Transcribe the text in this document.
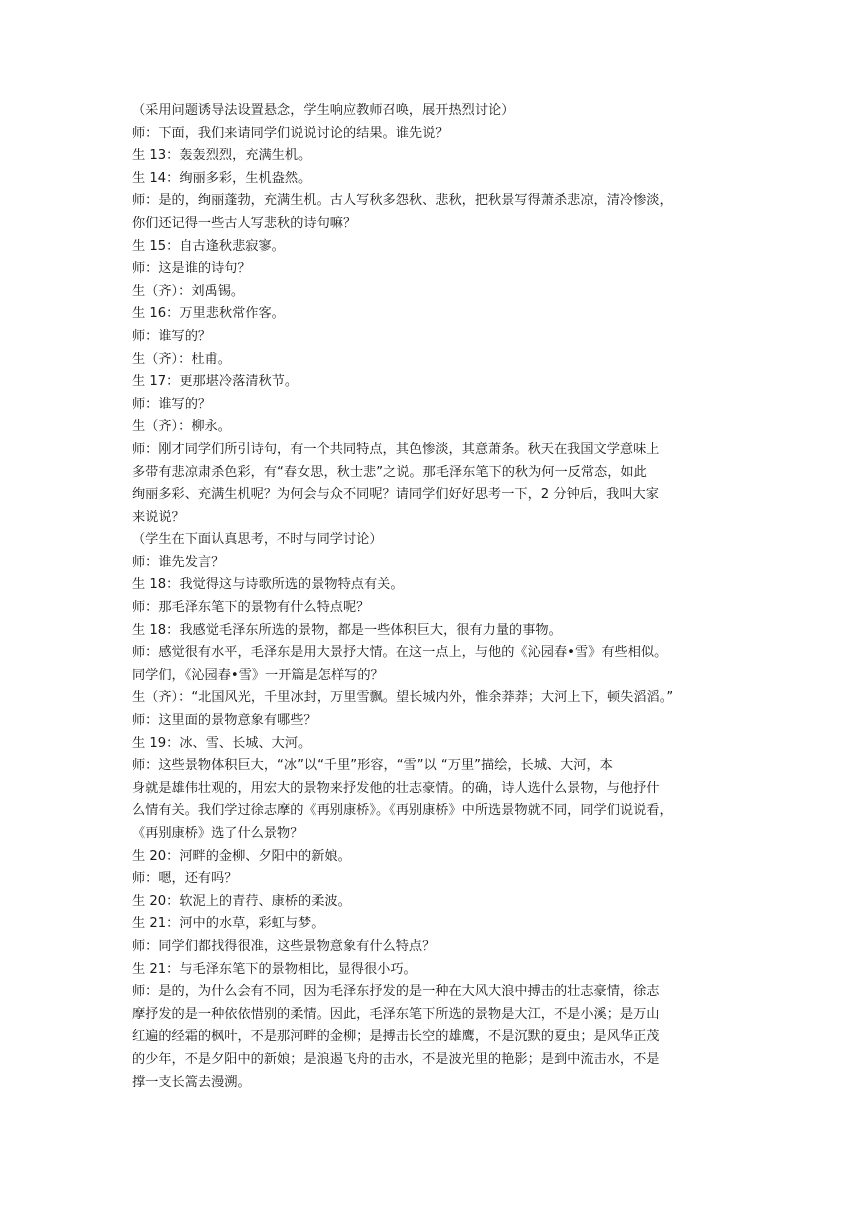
（采用问题诱导法设置悬念，学生响应教师召唤，展开热烈讨论）
师：下面，我们来请同学们说说讨论的结果。谁先说？
生 13：轰轰烈烈，充满生机。
生 14：绚丽多彩，生机盎然。
师：是的，绚丽蓬勃，充满生机。古人写秋多怨秋、悲秋，把秋景写得萧杀悲凉，清冷惨淡，
你们还记得一些古人写悲秋的诗句嘛？
生 15：自古逢秋悲寂寥。
师：这是谁的诗句？
生（齐）：刘禹锡。
生 16：万里悲秋常作客。
师：谁写的？
生（齐）：杜甫。
生 17：更那堪冷落清秋节。
师：谁写的？
生（齐）：柳永。
师：刚才同学们所引诗句，有一个共同特点，其色惨淡，其意萧条。秋天在我国文学意味上
多带有悲凉肃杀色彩，有“春女思，秋士悲”之说。那毛泽东笔下的秋为何一反常态，如此
绚丽多彩、充满生机呢？为何会与众不同呢？请同学们好好思考一下，2 分钟后，我叫大家
来说说？
（学生在下面认真思考，不时与同学讨论）
师：谁先发言？
生 18：我觉得这与诗歌所选的景物特点有关。
师：那毛泽东笔下的景物有什么特点呢？
生 18：我感觉毛泽东所选的景物，都是一些体积巨大，很有力量的事物。
师：感觉很有水平，毛泽东是用大景抒大情。在这一点上，与他的《沁园春•雪》有些相似。
同学们，《沁园春•雪》一开篇是怎样写的？
生（齐）：“北国风光，千里冰封，万里雪飘。望长城内外，惟余莽莽；大河上下，顿失滔滔。”
师：这里面的景物意象有哪些？
生 19：冰、雪、长城、大河。
师：这些景物体积巨大，“冰”以“千里”形容，“雪”以 “万里”描绘，长城、大河，本
身就是雄伟壮观的，用宏大的景物来抒发他的壮志豪情。的确，诗人选什么景物，与他抒什
么情有关。我们学过徐志摩的《再别康桥》。《再别康桥》中所选景物就不同，同学们说说看，
《再别康桥》选了什么景物？
生 20：河畔的金柳、夕阳中的新娘。
师：嗯，还有吗？
生 20：软泥上的青荇、康桥的柔波。
生 21：河中的水草，彩虹与梦。
师：同学们都找得很准，这些景物意象有什么特点？
生 21：与毛泽东笔下的景物相比，显得很小巧。
师：是的，为什么会有不同，因为毛泽东抒发的是一种在大风大浪中搏击的壮志豪情，徐志
摩抒发的是一种依依惜别的柔情。因此，毛泽东笔下所选的景物是大江，不是小溪；是万山
红遍的经霜的枫叶，不是那河畔的金柳；是搏击长空的雄鹰，不是沉默的夏虫；是风华正茂
的少年，不是夕阳中的新娘；是浪遏飞舟的击水，不是波光里的艳影；是到中流击水，不是
撑一支长篙去漫溯。
